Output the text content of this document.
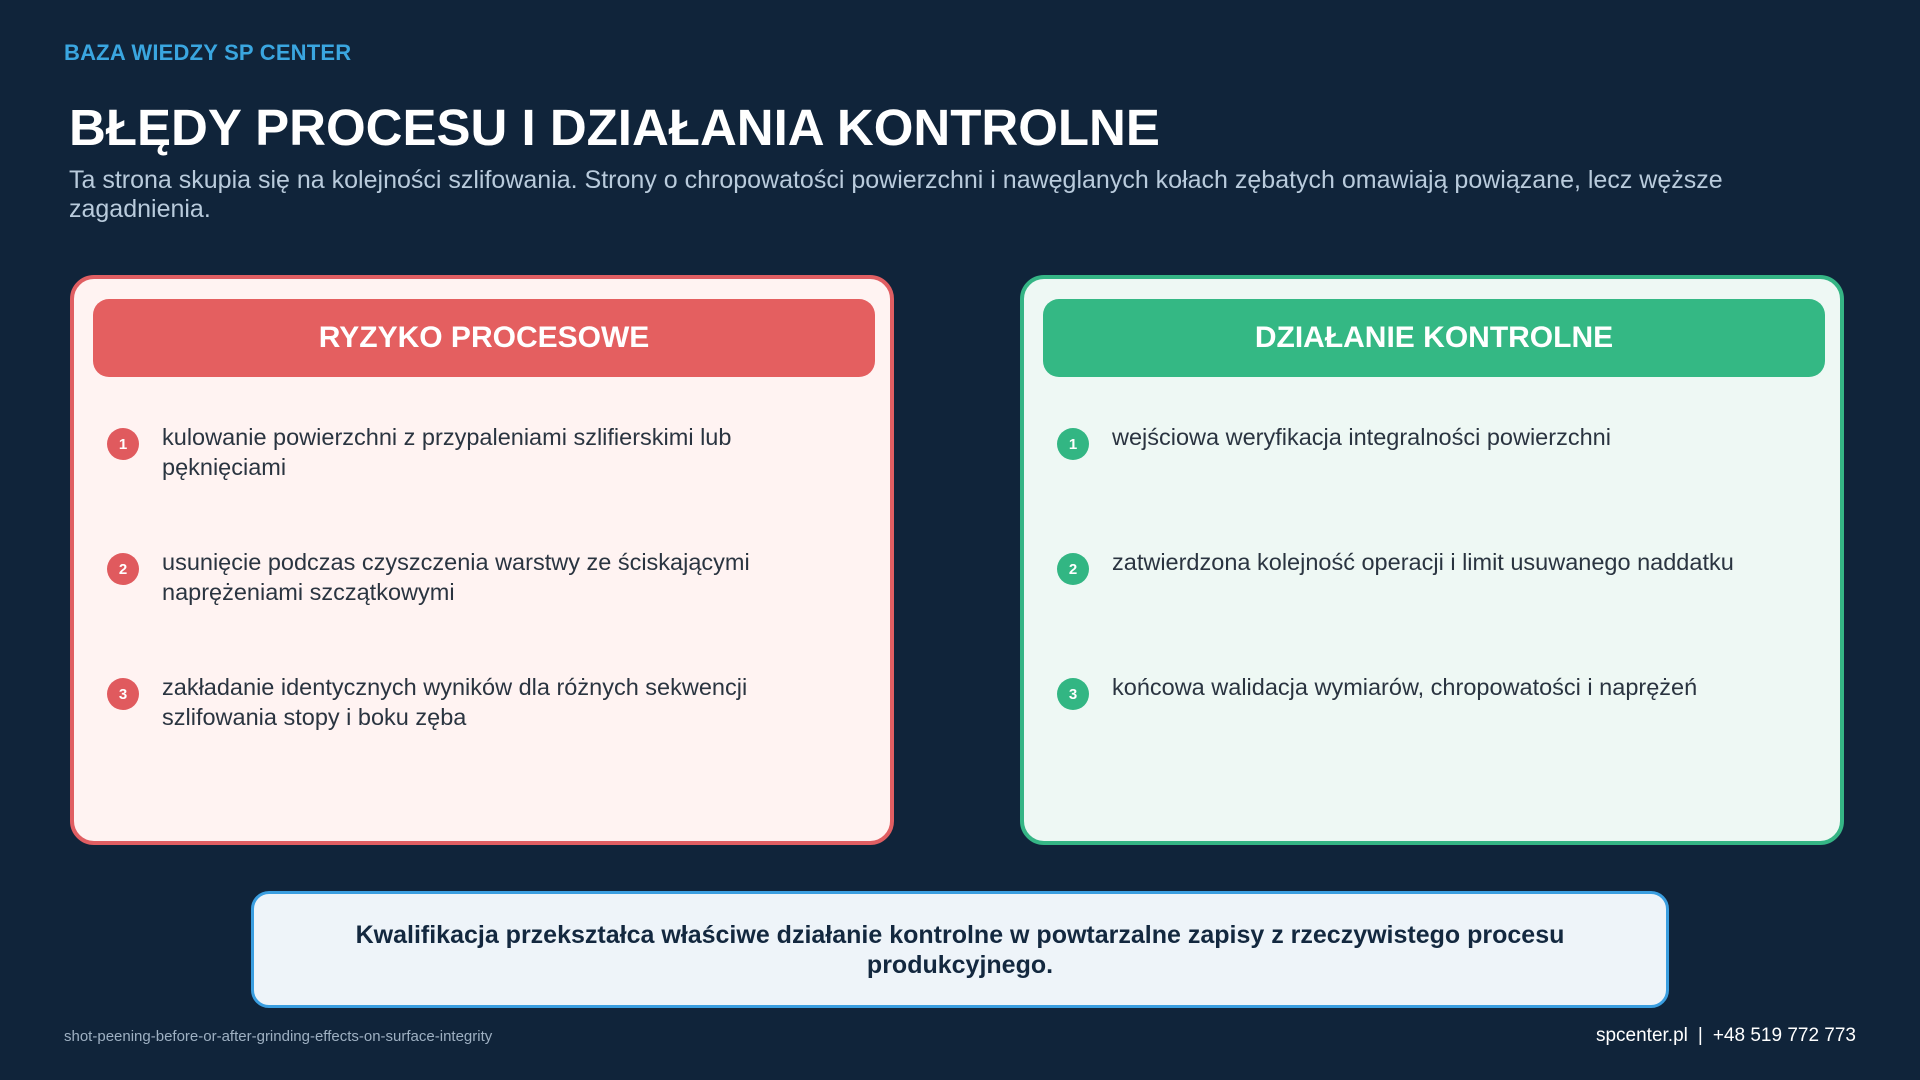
BAZA WIEDZY SP CENTER
BŁĘDY PROCESU I DZIAŁANIA KONTROLNE
Ta strona skupia się na kolejności szlifowania. Strony o chropowatości powierzchni i nawęglanych kołach zębatych omawiają powiązane, lecz węższe zagadnienia.
RYZYKO PROCESOWE
1	kulowanie powierzchni z przypaleniami szlifierskimi lub pęknięciami
2	usunięcie podczas czyszczenia warstwy ze ściskającymi naprężeniami szczątkowymi
3	zakładanie identycznych wyników dla różnych sekwencji szlifowania stopy i boku zęba
DZIAŁANIE KONTROLNE
1	wejściowa weryfikacja integralności powierzchni
2	zatwierdzona kolejność operacji i limit usuwanego naddatku
3	końcowa walidacja wymiarów, chropowatości i naprężeń
Kwalifikacja przekształca właściwe działanie kontrolne w powtarzalne zapisy z rzeczywistego procesu produkcyjnego.
shot-peening-before-or-after-grinding-effects-on-surface-integrity	spcenter.pl | +48 519 772 773
